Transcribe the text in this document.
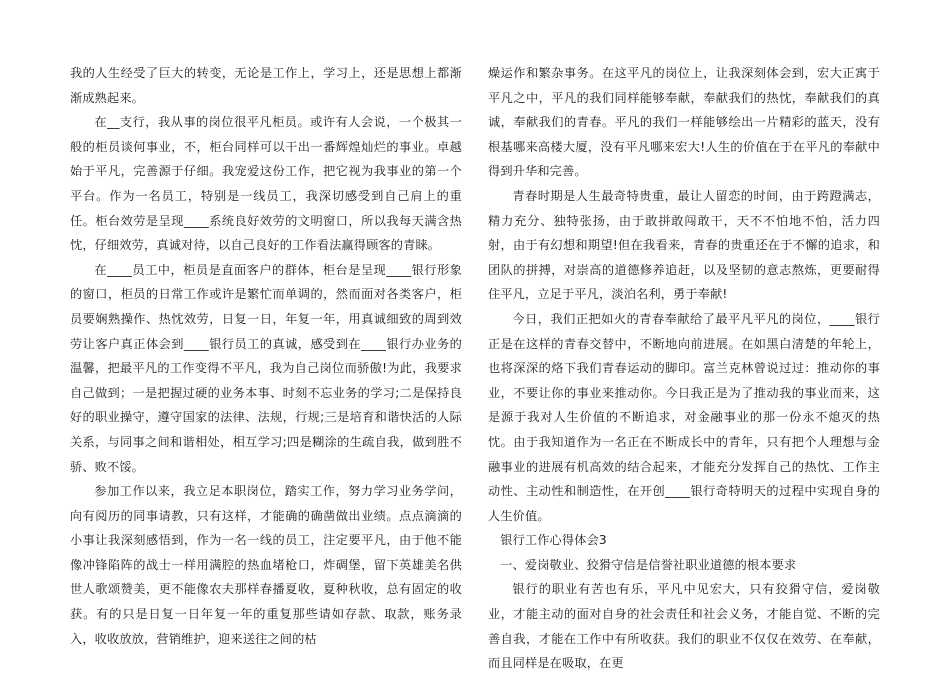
我的人生经受了巨大的转变，无论是工作上，学习上，还是思想上都渐渐成熟起来。

在__支行，我从事的岗位很平凡柜员。或许有人会说，一个极其一般的柜员谈何事业，不，柜台同样可以干出一番辉煌灿烂的事业。卓越始于平凡，完善源于仔细。我宠爱这份工作，把它视为我事业的第一个平台。作为一名员工，特别是一线员工，我深切感受到自己肩上的重任。柜台效劳是呈现____系统良好效劳的文明窗口，所以我每天满含热忱，仔细效劳，真诚对待，以自己良好的工作看法赢得顾客的青睐。

在____员工中，柜员是直面客户的群体，柜台是呈现____银行形象的窗口，柜员的日常工作或许是繁忙而单调的，然而面对各类客户，柜员要娴熟操作、热忱效劳，日复一日，年复一年，用真诚细致的周到效劳让客户真正体会到____银行员工的真诚，感受到在____银行办业务的温馨，把最平凡的工作变得不平凡，我为自己岗位而骄傲!为此，我要求自己做到；一是把握过硬的业务本事、时刻不忘业务的学习;二是保持良好的职业操守，遵守国家的法律、法规，行规;三是培育和谐快活的人际关系，与同事之间和谐相处，相互学习;四是糊涂的生疏自我，做到胜不骄、败不馁。

参加工作以来，我立足本职岗位，踏实工作，努力学习业务学问，向有阅历的同事请教，只有这样，才能确的确凿做出业绩。点点滴滴的小事让我深刻感悟到，作为一名一线的员工，注定要平凡，由于他不能像冲锋陷阵的战士一样用满腔的热血堵枪口，炸碉堡，留下英雄美名供世人歌颂赞美，更不能像农夫那样春播夏收，夏种秋收，总有固定的收获。有的只是日复一日年复一年的重复那些请如存款、取款，账务录入，收收放放，营销维护，迎来送往之间的枯

燥运作和繁杂事务。在这平凡的岗位上，让我深刻体会到，宏大正寓于平凡之中，平凡的我们同样能够奉献，奉献我们的热忱，奉献我们的真诚，奉献我们的青春。平凡的我们一样能够绘出一片精彩的蓝天，没有根基哪来高楼大厦，没有平凡哪来宏大!人生的价值在于在平凡的奉献中得到升华和完善。

青春时期是人生最奇特贵重，最让人留恋的时间，由于跨蹬满志，精力充分、独特张扬，由于敢拼敢闯敢干，天不不怕地不怕，活力四射，由于有幻想和期望!但在我看来，青春的贵重还在于不懈的追求，和团队的拼搏，对崇高的道德修养追赶，以及坚韧的意志熬炼，更要耐得住平凡，立足于平凡，淡泊名利，勇于奉献!

今日，我们正把如火的青春奉献给了最平凡平凡的岗位，____银行正是在这样的青春交替中，不断地向前进展。在如黑白清楚的年轮上，也将深深的烙下我们青春运动的脚印。富兰克林曾说过过：推动你的事业，不要让你的事业来推动你。今日我正是为了推动我的事业而来，这是源于我对人生价值的不断追求，对金融事业的那一份永不熄灭的热忱。由于我知道作为一名正在不断成长中的青年，只有把个人理想与金融事业的进展有机高效的结合起来，才能充分发挥自己的热忱、工作主动性、主动性和制造性，在开创____银行奇特明天的过程中实现自身的人生价值。

银行工作心得体会3

一、爱岗敬业、狡猾守信是信誉社职业道德的根本要求

银行的职业有苦也有乐，平凡中见宏大，只有狡猾守信，爱岗敬业，才能主动的面对自身的社会责任和社会义务，才能自觉、不断的完善自我，才能在工作中有所收获。我们的职业不仅仅在效劳、在奉献，而且同样是在吸取，在更
